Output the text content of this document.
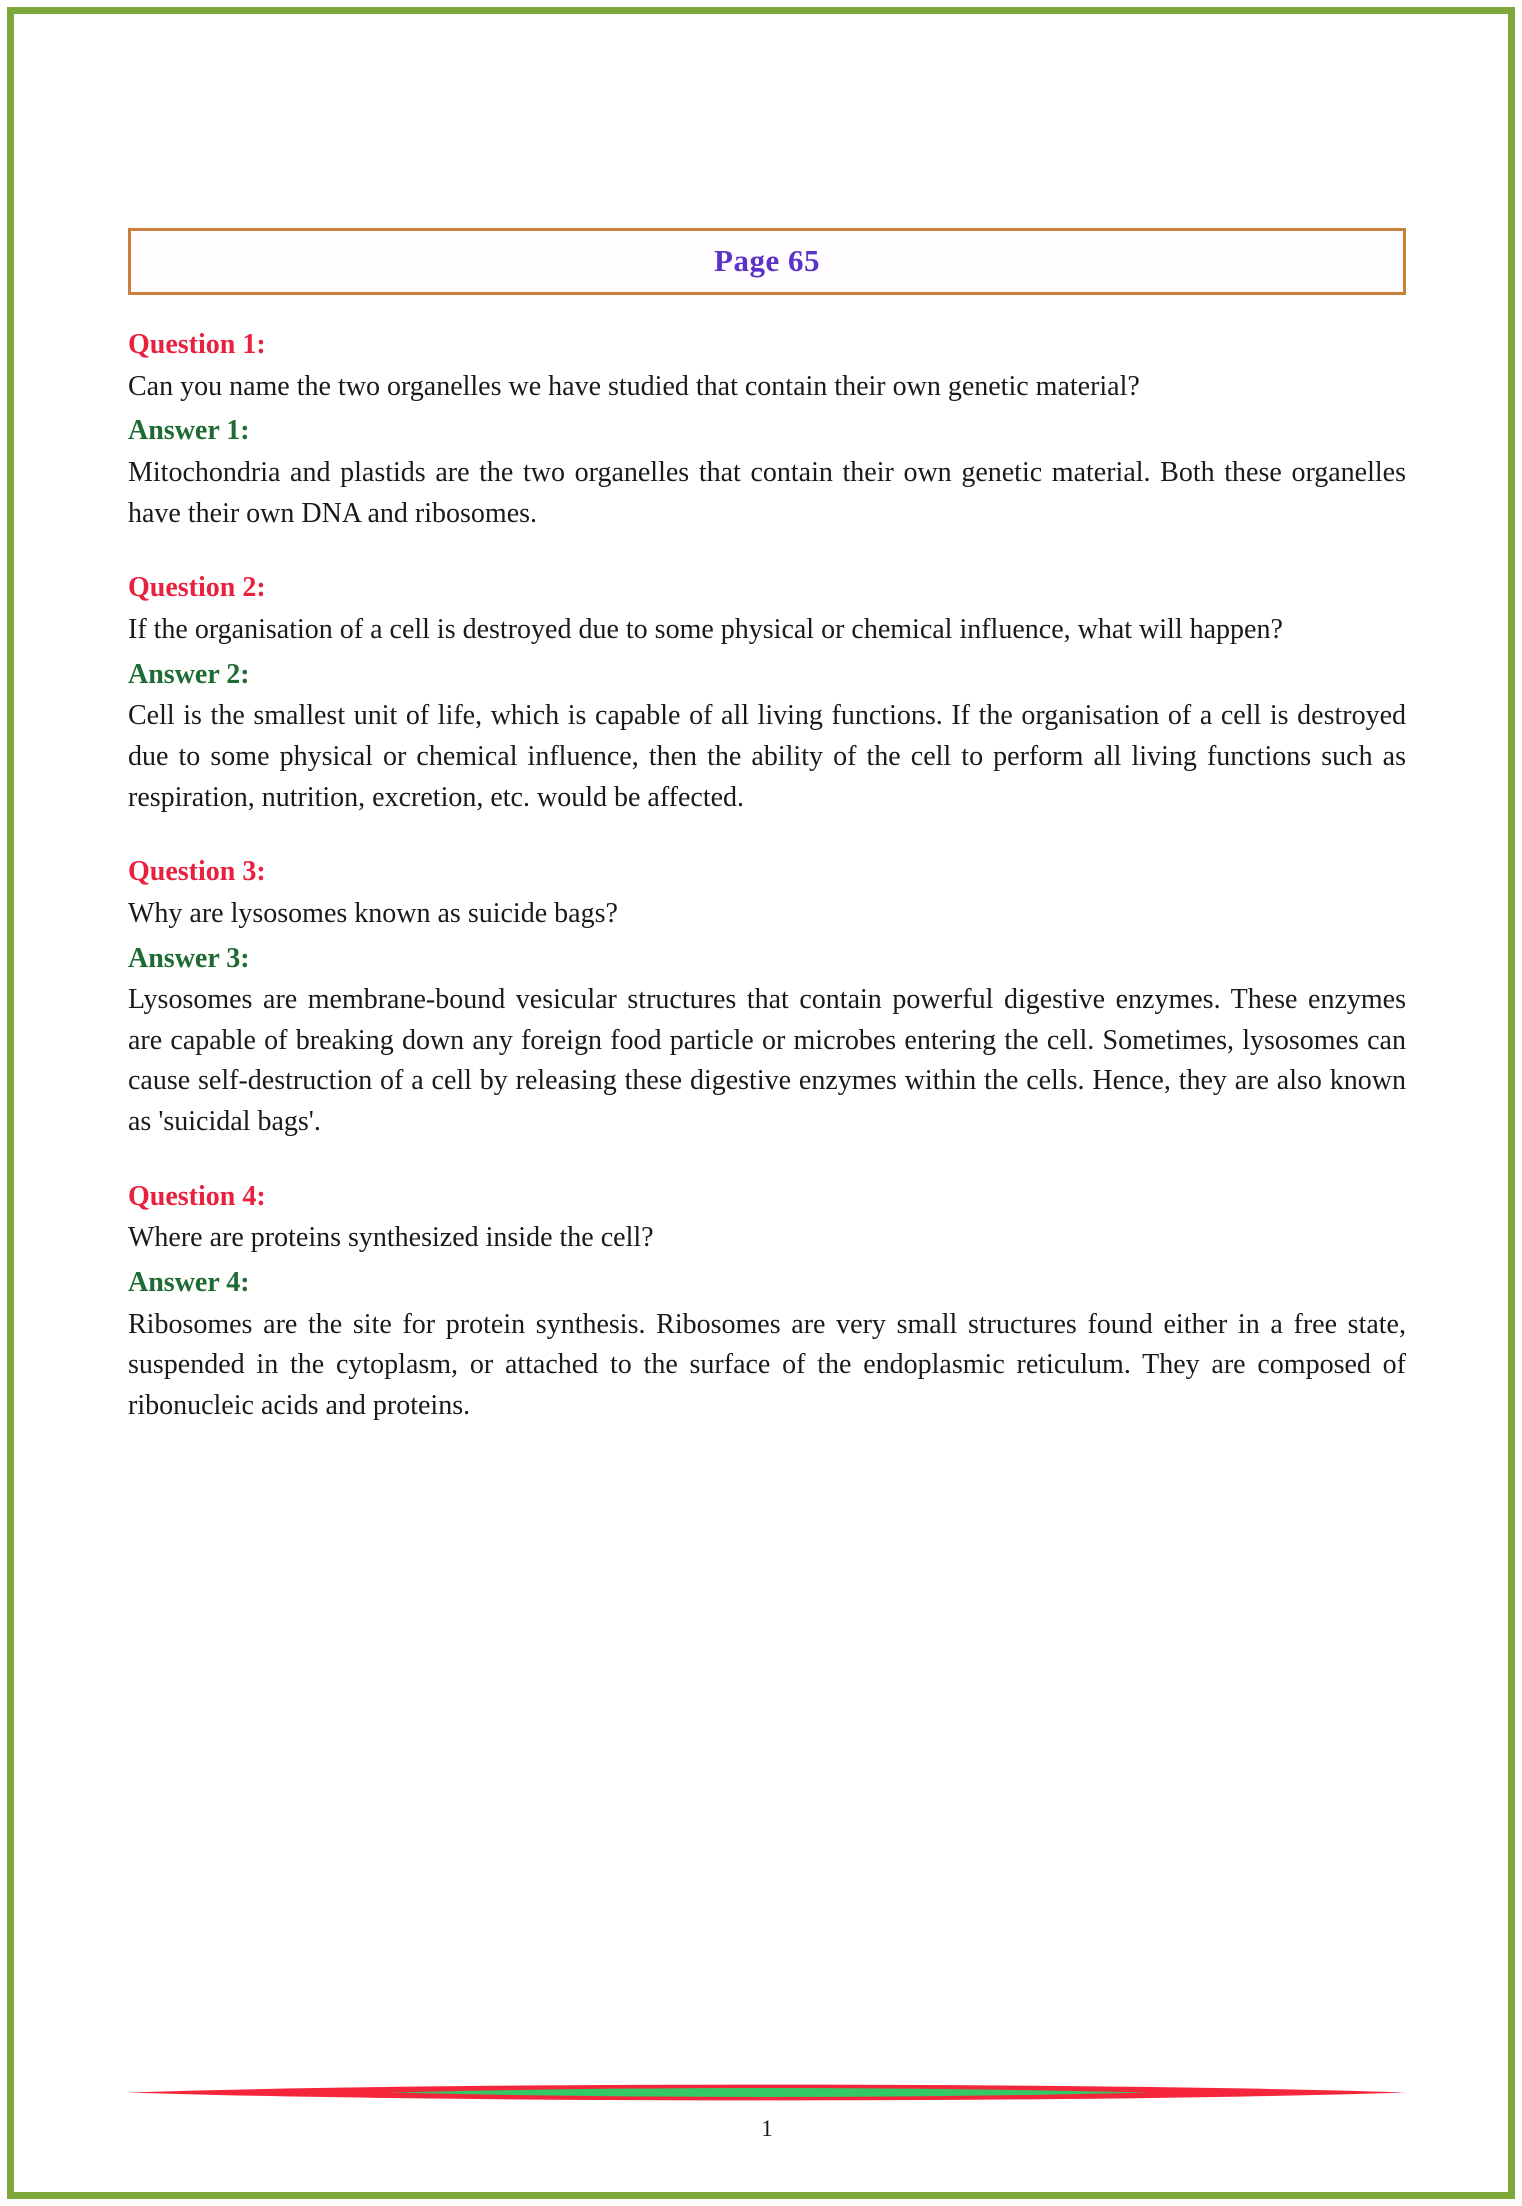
Page 65

Question 1:

Can you name the two organelles we have studied that contain their own genetic material?

Answer 1:

Mitochondria and plastids are the two organelles that contain their own genetic material. Both these organelles have their own DNA and ribosomes.

Question 2:

If the organisation of a cell is destroyed due to some physical or chemical influence, what will happen?

Answer 2:

Cell is the smallest unit of life, which is capable of all living functions. If the organisation of a cell is destroyed due to some physical or chemical influence, then the ability of the cell to perform all living functions such as respiration, nutrition, excretion, etc. would be affected.

Question 3:

Why are lysosomes known as suicide bags?

Answer 3:

Lysosomes are membrane-bound vesicular structures that contain powerful digestive enzymes. These enzymes are capable of breaking down any foreign food particle or microbes entering the cell. Sometimes, lysosomes can cause self-destruction of a cell by releasing these digestive enzymes within the cells. Hence, they are also known as 'suicidal bags'.

Question 4:

Where are proteins synthesized inside the cell?

Answer 4:

Ribosomes are the site for protein synthesis. Ribosomes are very small structures found either in a free state, suspended in the cytoplasm, or attached to the surface of the endoplasmic reticulum. They are composed of ribonucleic acids and proteins.

1
